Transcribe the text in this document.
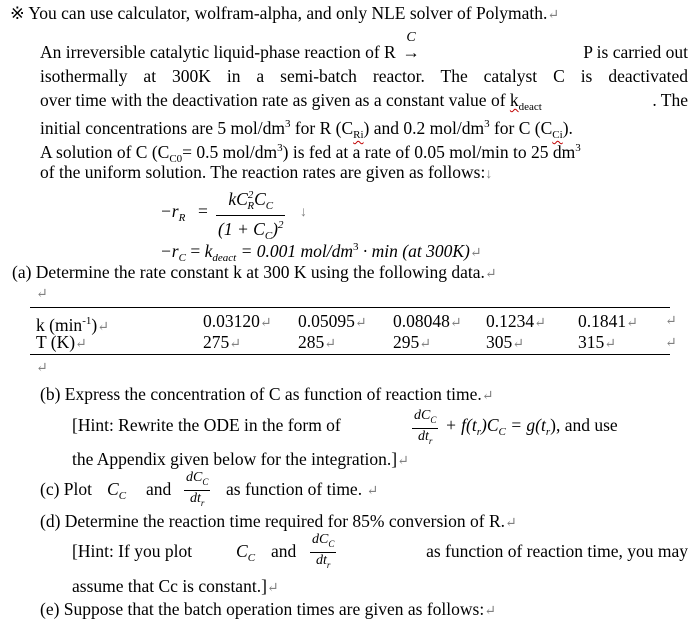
※ You can use calculator, wolfram-alpha, and only NLE solver of Polymath.↵
An irreversible catalytic liquid-phase reaction of R
C
→	P is carried out
isothermally at 300K in a semi-batch reactor. The catalyst C is deactivated
over time with the deactivation rate as given as a constant value of $k_{deact}$	. The
initial concentrations are 5 mol/$dm^3$ for R $(C_{Ri})$ and 0.2 mol/$dm^3$ for C $(C_{Ci})$.
A solution of C ($C_{C0}= 0.5$ mol/$dm^3$) is fed at a rate of 0.05 mol/min to 25 $dm^3$
of the uniform solution. The reaction rates are given as follows:↓
$-r_R$ =
$kC^2_RC_C$
$(1 + C_C)^2$
↓
$-r_C = k_{deact} = 0.001$ mol/$dm^3 \cdot \min (at$ 300K)↵
(a) Determine the rate constant k at 300 K using the following data.↵
↵
k $(\min^{-1})↵$	0.03120↵ 0.05095↵ 0.08048↵ 0.1234↵ 0.1841↵ ↵
T (K)↵	275↵	285↵	295↵	305↵	315↵	↵
↵
(b) Express the concentration of C as function of reaction time.↵
[Hint: Rewrite the ODE in the form of	$dC_C$
$dt_r$
+ $f(t_r)C_C = g(t_r)$, and use
the Appendix given below for the integration.]↵
(c) Plot $C_C$ and
$dC_C$
$dt_r$
as function of time. ↵
(d) Determine the reaction time required for 85% conversion of R.↵
[Hint: If you plot	$C_C$ and
$dC_C$
$dt_r$
as function of reaction time, you may
assume that Cc is constant.]↵
(e) Suppose that the batch operation times are given as follows:↵
